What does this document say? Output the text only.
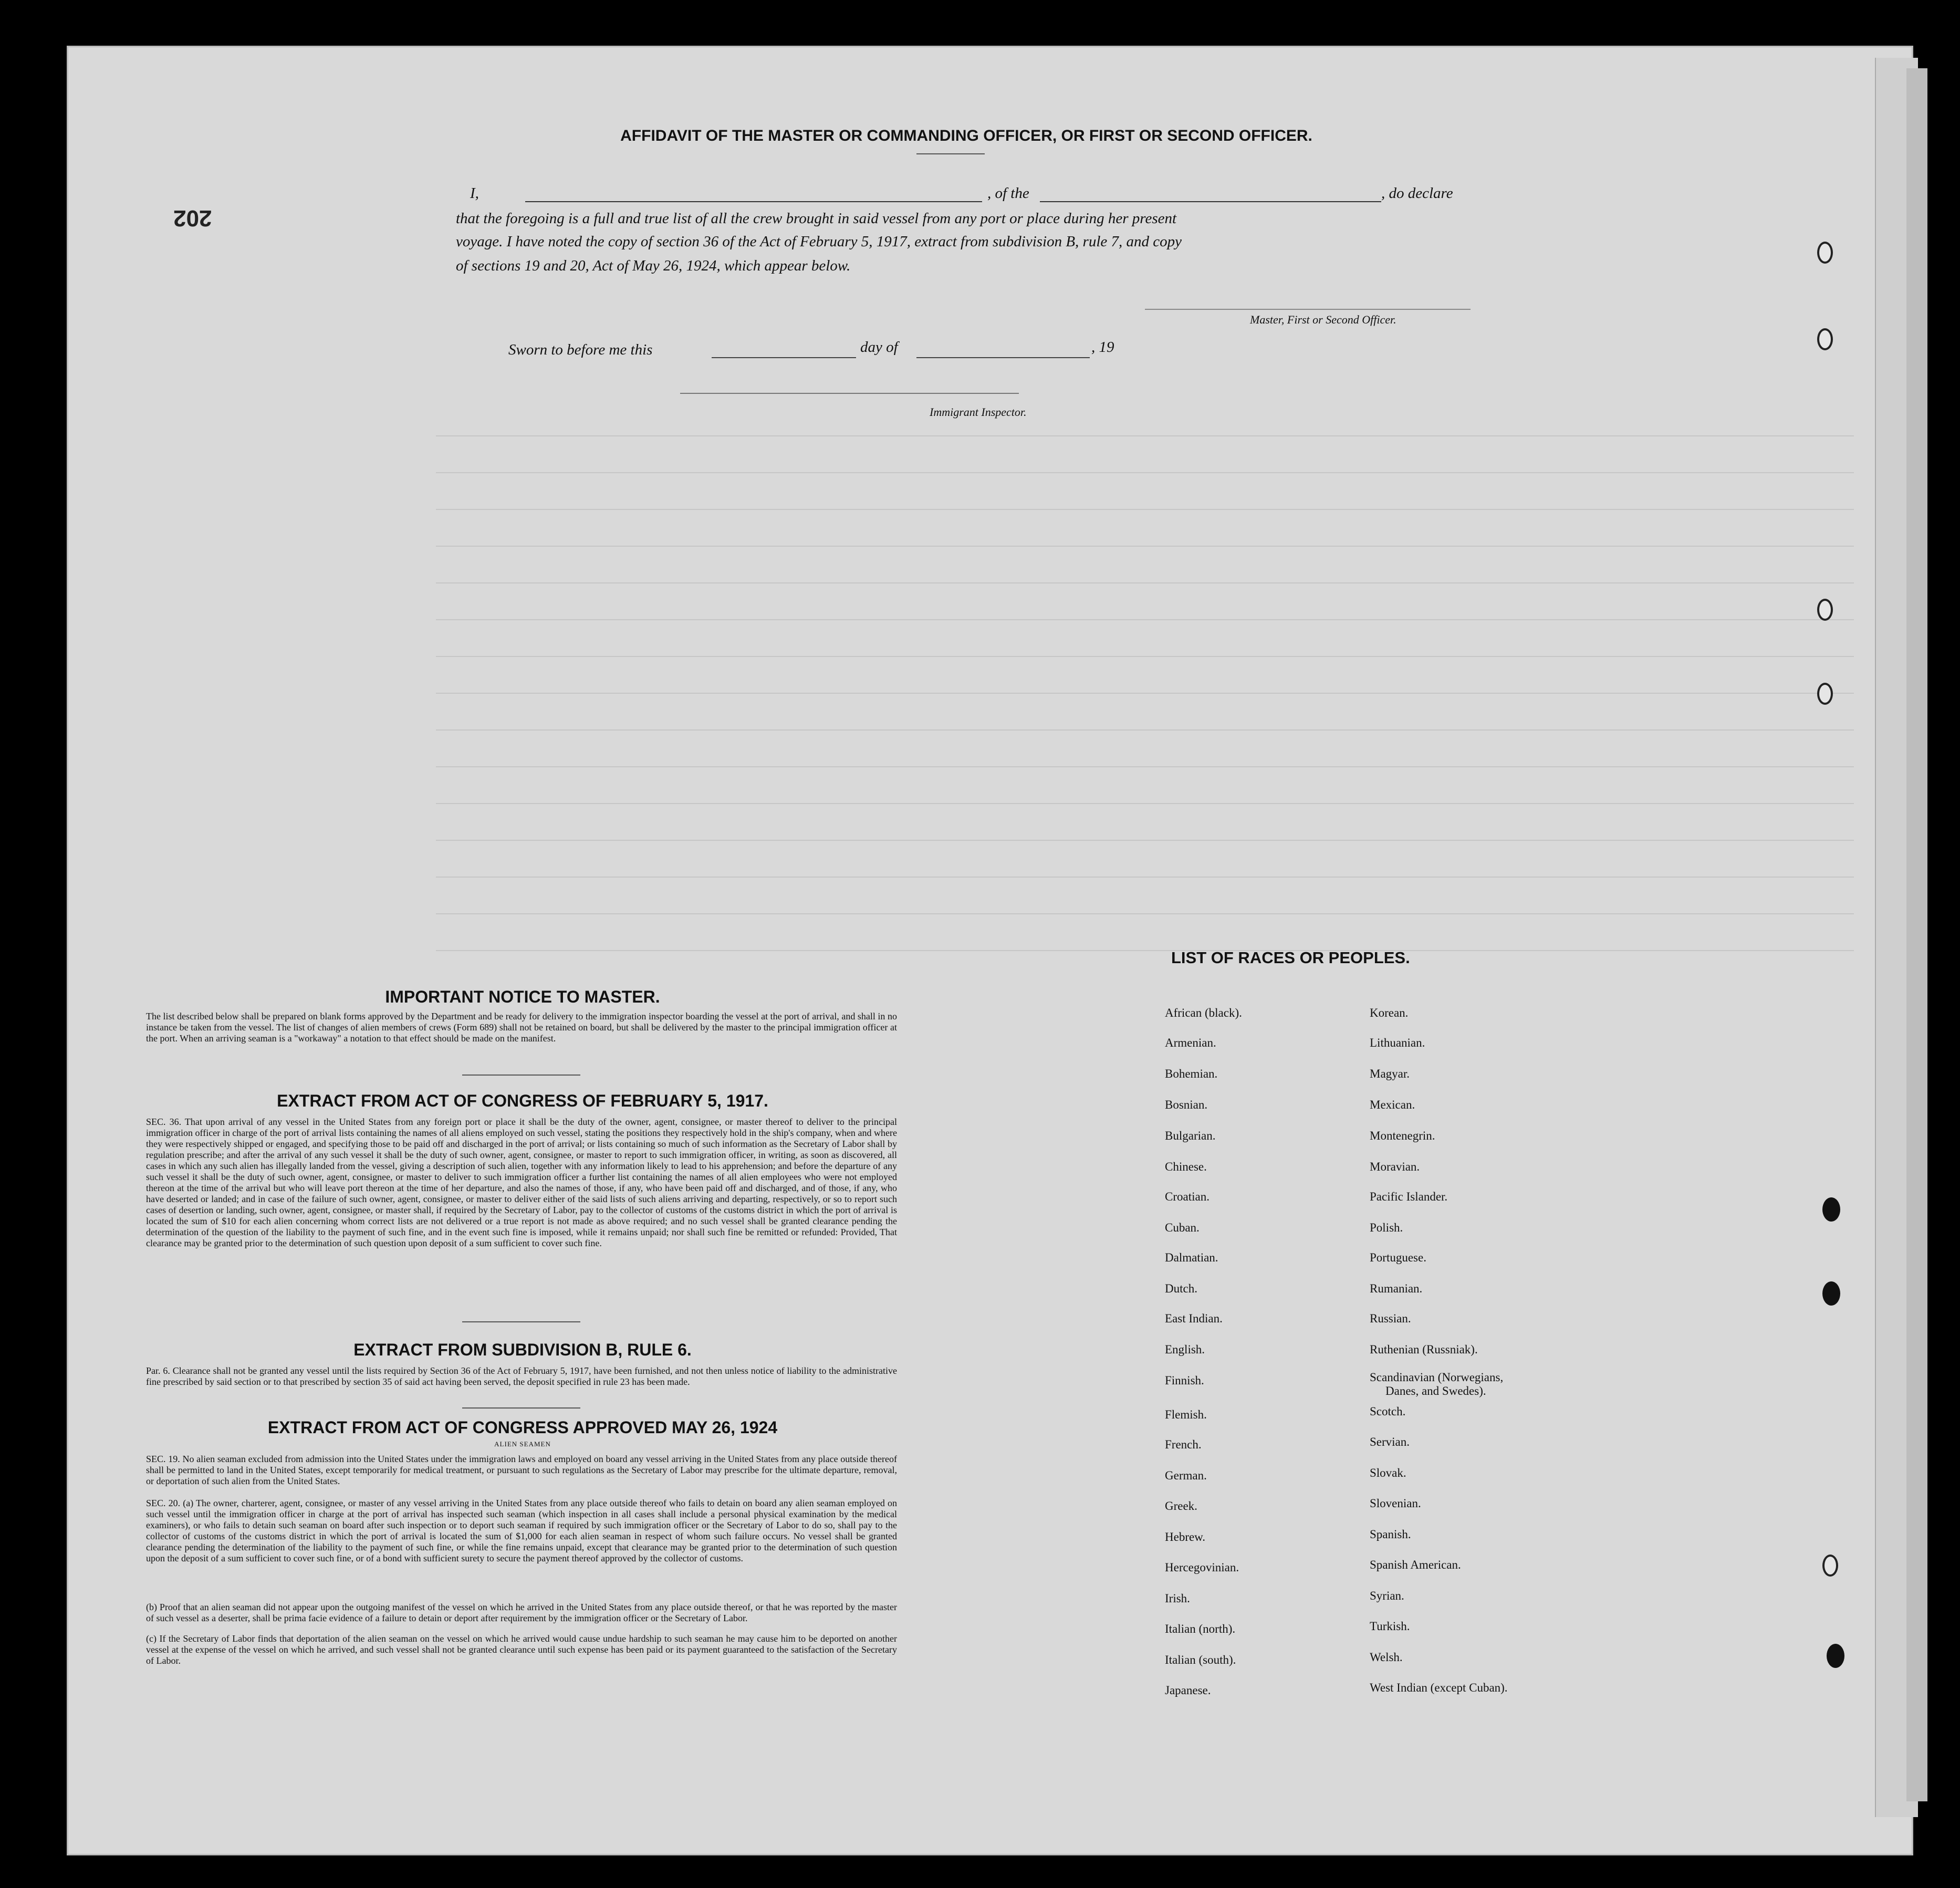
202
AFFIDAVIT OF THE MASTER OR COMMANDING OFFICER, OR FIRST OR SECOND OFFICER.
I,	, of the	, do declare
that the foregoing is a full and true list of all the crew brought in said vessel from any port or place during her present
voyage. I have noted the copy of section 36 of the Act of February 5, 1917, extract from subdivision B, rule 7, and copy
of sections 19 and 20, Act of May 26, 1924, which appear below.
Master, First or Second Officer.
Sworn to before me this	day of	, 19
Immigrant Inspector.
IMPORTANT NOTICE TO MASTER.
The list described below shall be prepared on blank forms approved by the Department and be ready for delivery to the immigration inspector boarding the vessel at the port of arrival, and shall in no instance be taken from the vessel. The list of changes of alien members of crews (Form 689) shall not be retained on board, but shall be delivered by the master to the principal immigration officer at the port. When an arriving seaman is a "workaway" a notation to that effect should be made on the manifest.
EXTRACT FROM ACT OF CONGRESS OF FEBRUARY 5, 1917.
SEC. 36. That upon arrival of any vessel in the United States from any foreign port or place it shall be the duty of the owner, agent, consignee, or master thereof to deliver to the principal immigration officer in charge of the port of arrival lists containing the names of all aliens employed on such vessel, stating the positions they respectively hold in the ship's company, when and where they were respectively shipped or engaged, and specifying those to be paid off and discharged in the port of arrival; or lists containing so much of such information as the Secretary of Labor shall by regulation prescribe; and after the arrival of any such vessel it shall be the duty of such owner, agent, consignee, or master to report to such immigration officer, in writing, as soon as discovered, all cases in which any such alien has illegally landed from the vessel, giving a description of such alien, together with any information likely to lead to his apprehension; and before the departure of any such vessel it shall be the duty of such owner, agent, consignee, or master to deliver to such immigration officer a further list containing the names of all alien employees who were not employed thereon at the time of the arrival but who will leave port thereon at the time of her departure, and also the names of those, if any, who have been paid off and discharged, and of those, if any, who have deserted or landed; and in case of the failure of such owner, agent, consignee, or master to deliver either of the said lists of such aliens arriving and departing, respectively, or so to report such cases of desertion or landing, such owner, agent, consignee, or master shall, if required by the Secretary of Labor, pay to the collector of customs of the customs district in which the port of arrival is located the sum of $10 for each alien concerning whom correct lists are not delivered or a true report is not made as above required; and no such vessel shall be granted clearance pending the determination of the question of the liability to the payment of such fine, and in the event such fine is imposed, while it remains unpaid; nor shall such fine be remitted or refunded: Provided, That clearance may be granted prior to the determination of such question upon deposit of a sum sufficient to cover such fine.
EXTRACT FROM SUBDIVISION B, RULE 6.
Par. 6. Clearance shall not be granted any vessel until the lists required by Section 36 of the Act of February 5, 1917, have been furnished, and not then unless notice of liability to the administrative fine prescribed by said section or to that prescribed by section 35 of said act having been served, the deposit specified in rule 23 has been made.
EXTRACT FROM ACT OF CONGRESS APPROVED MAY 26, 1924
ALIEN SEAMEN
SEC. 19. No alien seaman excluded from admission into the United States under the immigration laws and employed on board any vessel arriving in the United States from any place outside thereof shall be permitted to land in the United States, except temporarily for medical treatment, or pursuant to such regulations as the Secretary of Labor may prescribe for the ultimate departure, removal, or deportation of such alien from the United States.
SEC. 20. (a) The owner, charterer, agent, consignee, or master of any vessel arriving in the United States from any place outside thereof who fails to detain on board any alien seaman employed on such vessel until the immigration officer in charge at the port of arrival has inspected such seaman (which inspection in all cases shall include a personal physical examination by the medical examiners), or who fails to detain such seaman on board after such inspection or to deport such seaman if required by such immigration officer or the Secretary of Labor to do so, shall pay to the collector of customs of the customs district in which the port of arrival is located the sum of $1,000 for each alien seaman in respect of whom such failure occurs. No vessel shall be granted clearance pending the determination of the liability to the payment of such fine, or while the fine remains unpaid, except that clearance may be granted prior to the determination of such question upon the deposit of a sum sufficient to cover such fine, or of a bond with sufficient surety to secure the payment thereof approved by the collector of customs.
(b) Proof that an alien seaman did not appear upon the outgoing manifest of the vessel on which he arrived in the United States from any place outside thereof, or that he was reported by the master of such vessel as a deserter, shall be prima facie evidence of a failure to detain or deport after requirement by the immigration officer or the Secretary of Labor.
(c) If the Secretary of Labor finds that deportation of the alien seaman on the vessel on which he arrived would cause undue hardship to such seaman he may cause him to be deported on another vessel at the expense of the vessel on which he arrived, and such vessel shall not be granted clearance until such expense has been paid or its payment guaranteed to the satisfaction of the Secretary of Labor.
LIST OF RACES OR PEOPLES.
African (black).
Armenian.
Bohemian.
Bosnian.
Bulgarian.
Chinese.
Croatian.
Cuban.
Dalmatian.
Dutch.
East Indian.
English.
Finnish.
Flemish.
French.
German.
Greek.
Hebrew.
Hercegovinian.
Irish.
Italian (north).
Italian (south).
Japanese.
Korean.
Lithuanian.
Magyar.
Mexican.
Montenegrin.
Moravian.
Pacific Islander.
Polish.
Portuguese.
Rumanian.
Russian.
Ruthenian (Russniak).
Scandinavian (Norwegians,
Danes, and Swedes).
Scotch.
Servian.
Slovak.
Slovenian.
Spanish.
Spanish American.
Syrian.
Turkish.
Welsh.
West Indian (except Cuban).
